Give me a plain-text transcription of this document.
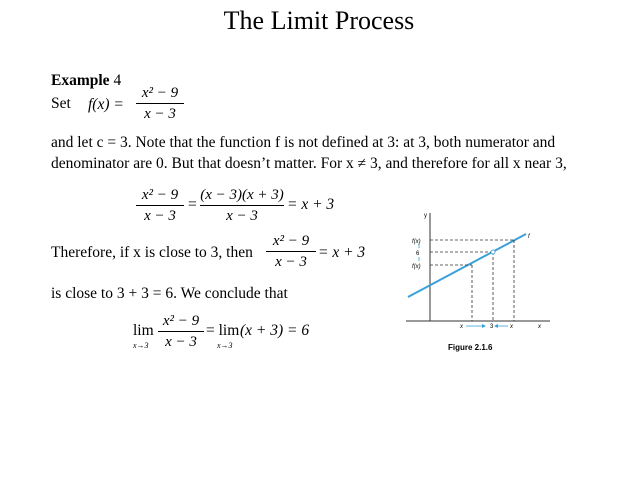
The Limit Process
Example 4
Set f(x) =
x² − 9
x − 3
and let c = 3. Note that the function f is not defined at 3: at 3, both numerator and
denominator are 0. But that doesn’t matter. For x ≠ 3, and therefore for all x near 3,
x² − 9
x − 3
=
(x − 3)(x + 3)
x − 3
= x + 3
Therefore, if x is close to 3, then
x² − 9
x − 3
= x + 3
is close to 3 + 3 = 6. We conclude that
lim
x→3
x² − 9
x − 3
= lim
x→3
(x + 3) = 6
y
x
f
f(x)
6
f(x)
x	3	x
Figure 2.1.6
